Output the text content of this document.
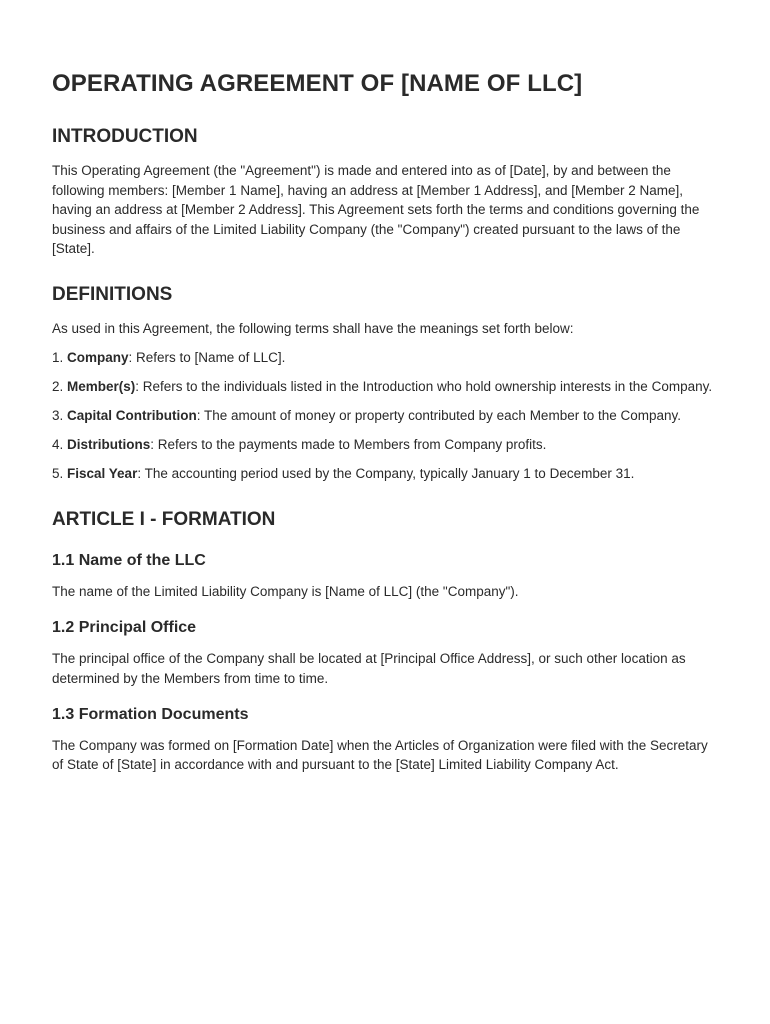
OPERATING AGREEMENT OF [NAME OF LLC]
INTRODUCTION

This Operating Agreement (the "Agreement") is made and entered into as of [Date], by and between the following members: [Member 1 Name], having an address at [Member 1 Address], and [Member 2 Name], having an address at [Member 2 Address]. This Agreement sets forth the terms and conditions governing the business and affairs of the Limited Liability Company (the "Company") created pursuant to the laws of the [State].

DEFINITIONS

As used in this Agreement, the following terms shall have the meanings set forth below:

1. Company: Refers to [Name of LLC].

2. Member(s): Refers to the individuals listed in the Introduction who hold ownership interests in the Company.

3. Capital Contribution: The amount of money or property contributed by each Member to the Company.

4. Distributions: Refers to the payments made to Members from Company profits.

5. Fiscal Year: The accounting period used by the Company, typically January 1 to December 31.

ARTICLE I - FORMATION
1.1 Name of the LLC

The name of the Limited Liability Company is [Name of LLC] (the "Company").

1.2 Principal Office

The principal office of the Company shall be located at [Principal Office Address], or such other location as determined by the Members from time to time.

1.3 Formation Documents

The Company was formed on [Formation Date] when the Articles of Organization were filed with the Secretary of State of [State] in accordance with and pursuant to the [State] Limited Liability Company Act.
